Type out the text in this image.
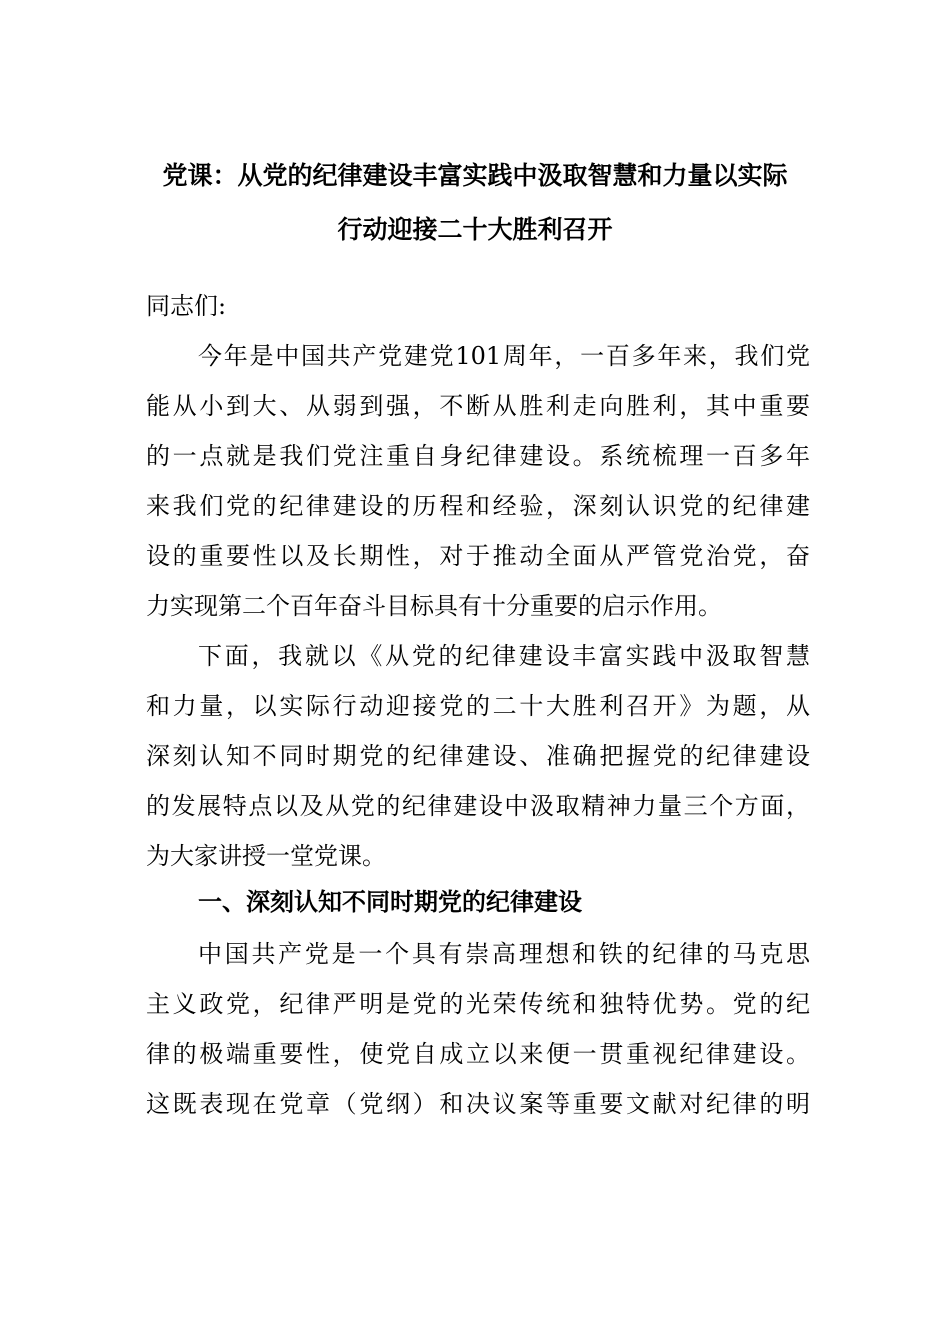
党课：从党的纪律建设丰富实践中汲取智慧和力量以实际
行动迎接二十大胜利召开
同志们:
今年是中国共产党建党101周年，一百多年来，我们党
能从小到大、从弱到强，不断从胜利走向胜利，其中重要
的一点就是我们党注重自身纪律建设。系统梳理一百多年
来我们党的纪律建设的历程和经验，深刻认识党的纪律建
设的重要性以及长期性，对于推动全面从严管党治党，奋
力实现第二个百年奋斗目标具有十分重要的启示作用。
下面，我就以《从党的纪律建设丰富实践中汲取智慧
和力量，以实际行动迎接党的二十大胜利召开》为题，从
深刻认知不同时期党的纪律建设、准确把握党的纪律建设
的发展特点以及从党的纪律建设中汲取精神力量三个方面，
为大家讲授一堂党课。
一、深刻认知不同时期党的纪律建设
中国共产党是一个具有崇高理想和铁的纪律的马克思
主义政党，纪律严明是党的光荣传统和独特优势。党的纪
律的极端重要性，使党自成立以来便一贯重视纪律建设。
这既表现在党章（党纲）和决议案等重要文献对纪律的明
